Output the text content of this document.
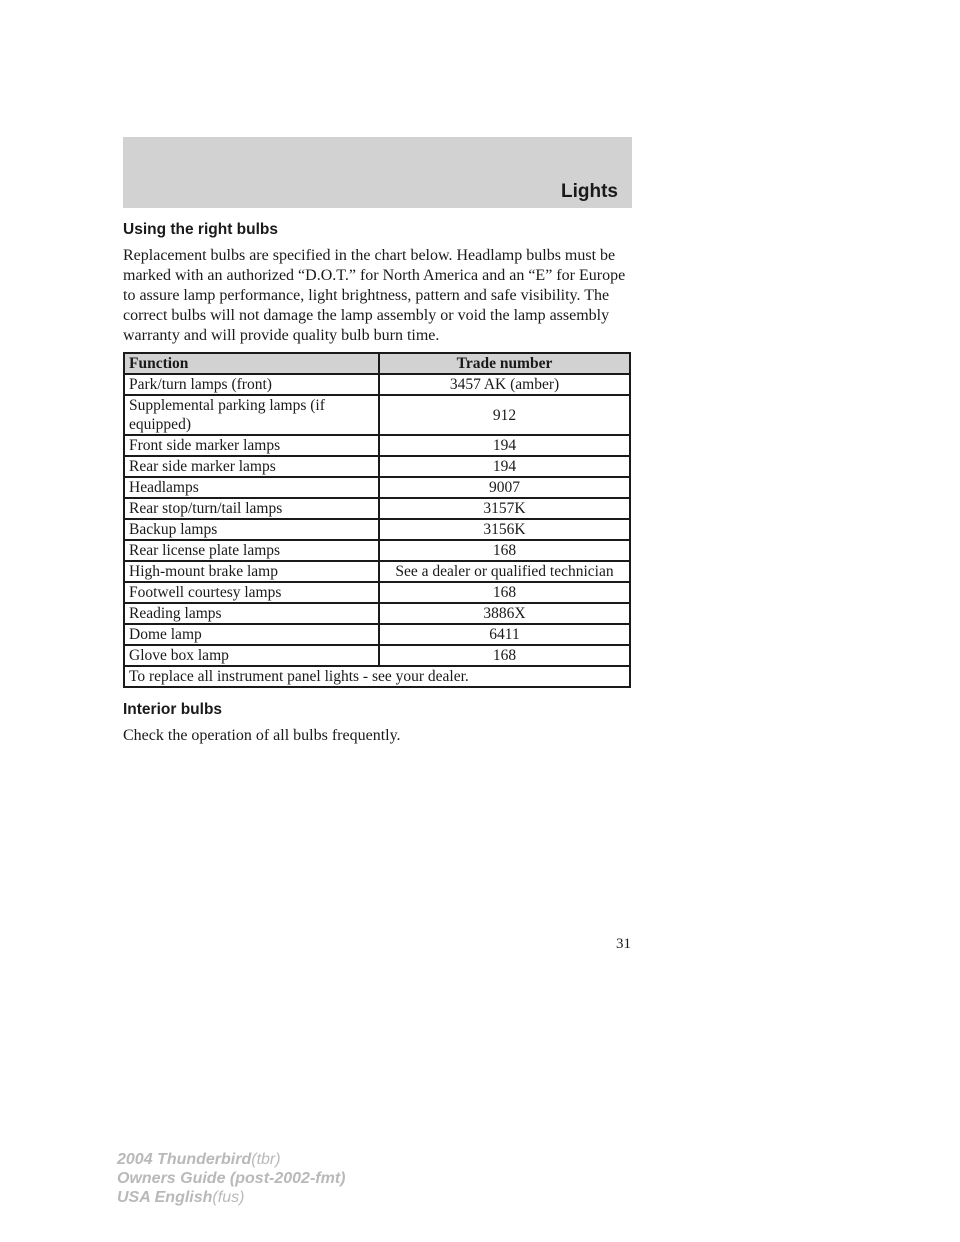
Lights
Using the right bulbs

Replacement bulbs are specified in the chart below. Headlamp bulbs must be marked with an authorized “D.O.T.” for North America and an “E” for Europe to assure lamp performance, light brightness, pattern and safe visibility. The correct bulbs will not damage the lamp assembly or void the lamp assembly warranty and will provide quality bulb burn time.

Function	Trade number
Park/turn lamps (front)	3457 AK (amber)
Supplemental parking lamps (if equipped)	912
Front side marker lamps	194
Rear side marker lamps	194
Headlamps	9007
Rear stop/turn/tail lamps	3157K
Backup lamps	3156K
Rear license plate lamps	168
High-mount brake lamp	See a dealer or qualified technician
Footwell courtesy lamps	168
Reading lamps	3886X
Dome lamp	6411
Glove box lamp	168
To replace all instrument panel lights - see your dealer.	
Interior bulbs

Check the operation of all bulbs frequently.

31
2004 Thunderbird(tbr)
Owners Guide (post-2002-fmt)
USA English(fus)
